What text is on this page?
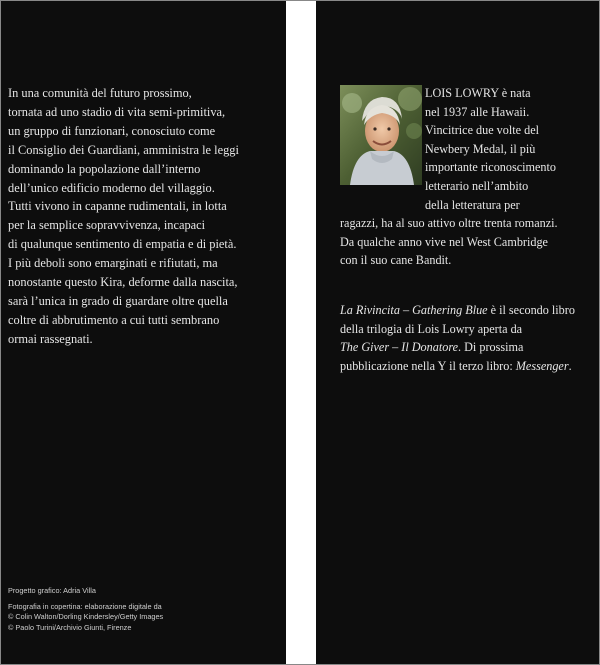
In una comunità del futuro prossimo,
tornata ad uno stadio di vita semi-primitiva,
un gruppo di funzionari, conosciuto come
il Consiglio dei Guardiani, amministra le leggi
dominando la popolazione dall’interno
dell’unico edificio moderno del villaggio.
Tutti vivono in capanne rudimentali, in lotta
per la semplice sopravvivenza, incapaci
di qualunque sentimento di empatia e di pietà.
I più deboli sono emarginati e rifiutati, ma
nonostante questo Kira, deforme dalla nascita,
sarà l’unica in grado di guardare oltre quella
coltre di abbrutimento a cui tutti sembrano
ormai rassegnati.
Progetto grafico: Adria Villa
Fotografia in copertina: elaborazione digitale da
© Colin Walton/Dorling Kindersley/Getty Images
© Paolo Turini/Archivio Giunti, Firenze
LOIS LOWRY è nata
nel 1937 alle Hawaii.
Vincitrice due volte del
Newbery Medal, il più
importante riconoscimento
letterario nell’ambito
della letteratura per
ragazzi, ha al suo attivo oltre trenta romanzi.
Da qualche anno vive nel West Cambridge
con il suo cane Bandit.
La Rivincita – Gathering Blue è il secondo libro
della trilogia di Lois Lowry aperta da
The Giver – Il Donatore. Di prossima
pubblicazione nella Y il terzo libro: Messenger.
